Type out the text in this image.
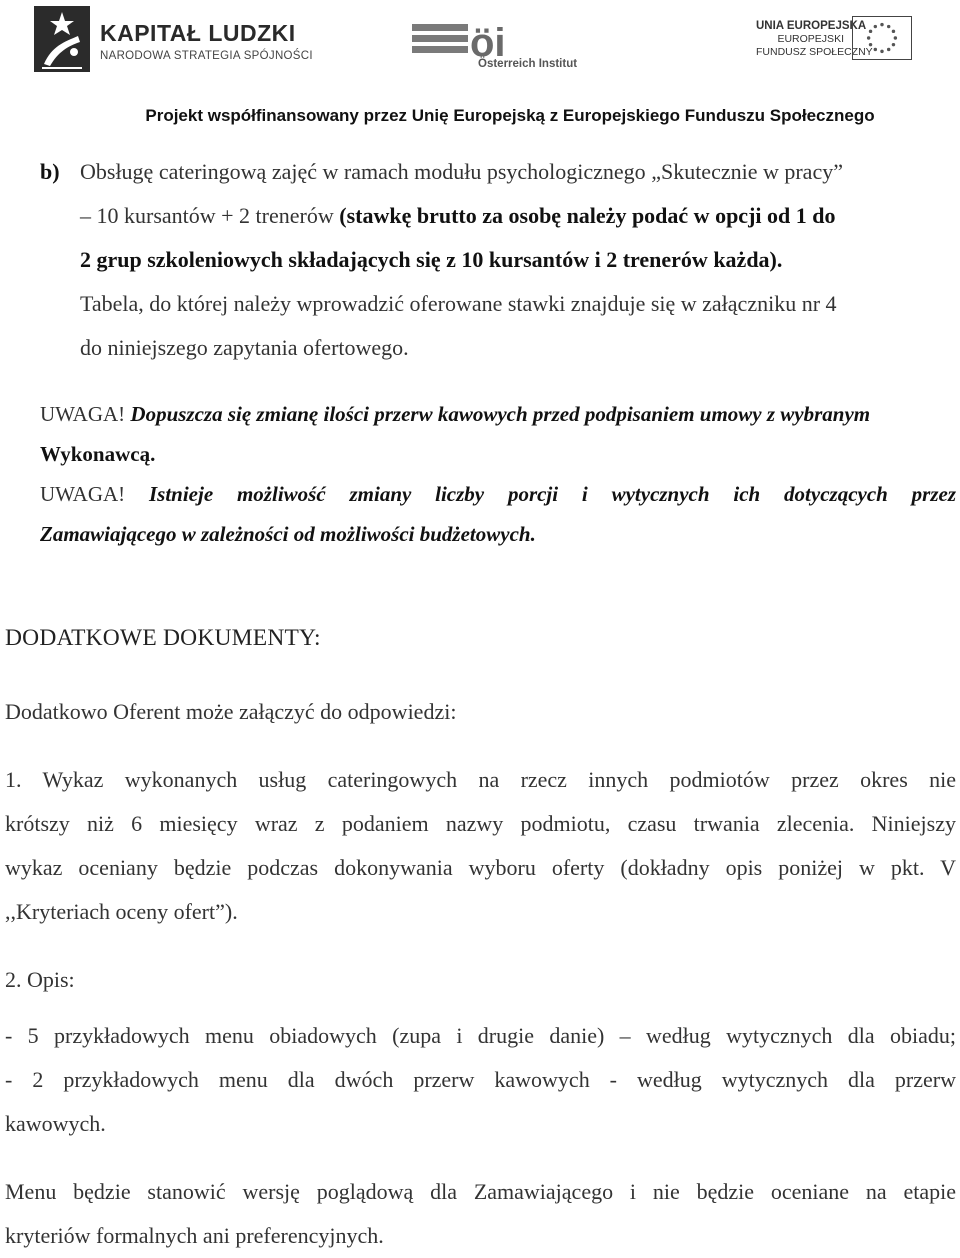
KAPITAŁ LUDZKI
NARODOWA STRATEGIA SPÓJNOŚCI	öi
Österreich Institut
UNIA EUROPEJSKA
EUROPEJSKI
FUNDUSZ SPOŁECZNY
Projekt współfinansowany przez Unię Europejską z Europejskiego Funduszu Społecznego
b) Obsługę cateringową zajęć w ramach modułu psychologicznego „Skutecznie w pracy”
– 10 kursantów + 2 trenerów (stawkę brutto za osobę należy podać w opcji od 1 do
2 grup szkoleniowych składających się z 10 kursantów i 2 trenerów każda).
Tabela, do której należy wprowadzić oferowane stawki znajduje się w załączniku nr 4
do niniejszego zapytania ofertowego.
UWAGA! Dopuszcza się zmianę ilości przerw kawowych przed podpisaniem umowy z wybranym
Wykonawcą.
UWAGA! Istnieje możliwość zmiany liczby porcji i wytycznych ich dotyczących przez
Zamawiającego w zależności od możliwości budżetowych.
DODATKOWE DOKUMENTY:
Dodatkowo Oferent może załączyć do odpowiedzi:
1. Wykaz wykonanych usług cateringowych na rzecz innych podmiotów przez okres nie
krótszy niż 6 miesięcy wraz z podaniem nazwy podmiotu, czasu trwania zlecenia. Niniejszy
wykaz oceniany będzie podczas dokonywania wyboru oferty (dokładny opis poniżej w pkt. V
,,Kryteriach oceny ofert”).
2. Opis:
- 5 przykładowych menu obiadowych (zupa i drugie danie) – według wytycznych dla obiadu;
- 2 przykładowych menu dla dwóch przerw kawowych - według wytycznych dla przerw
kawowych.
Menu będzie stanowić wersję poglądową dla Zamawiającego i nie będzie oceniane na etapie
kryteriów formalnych ani preferencyjnych.
